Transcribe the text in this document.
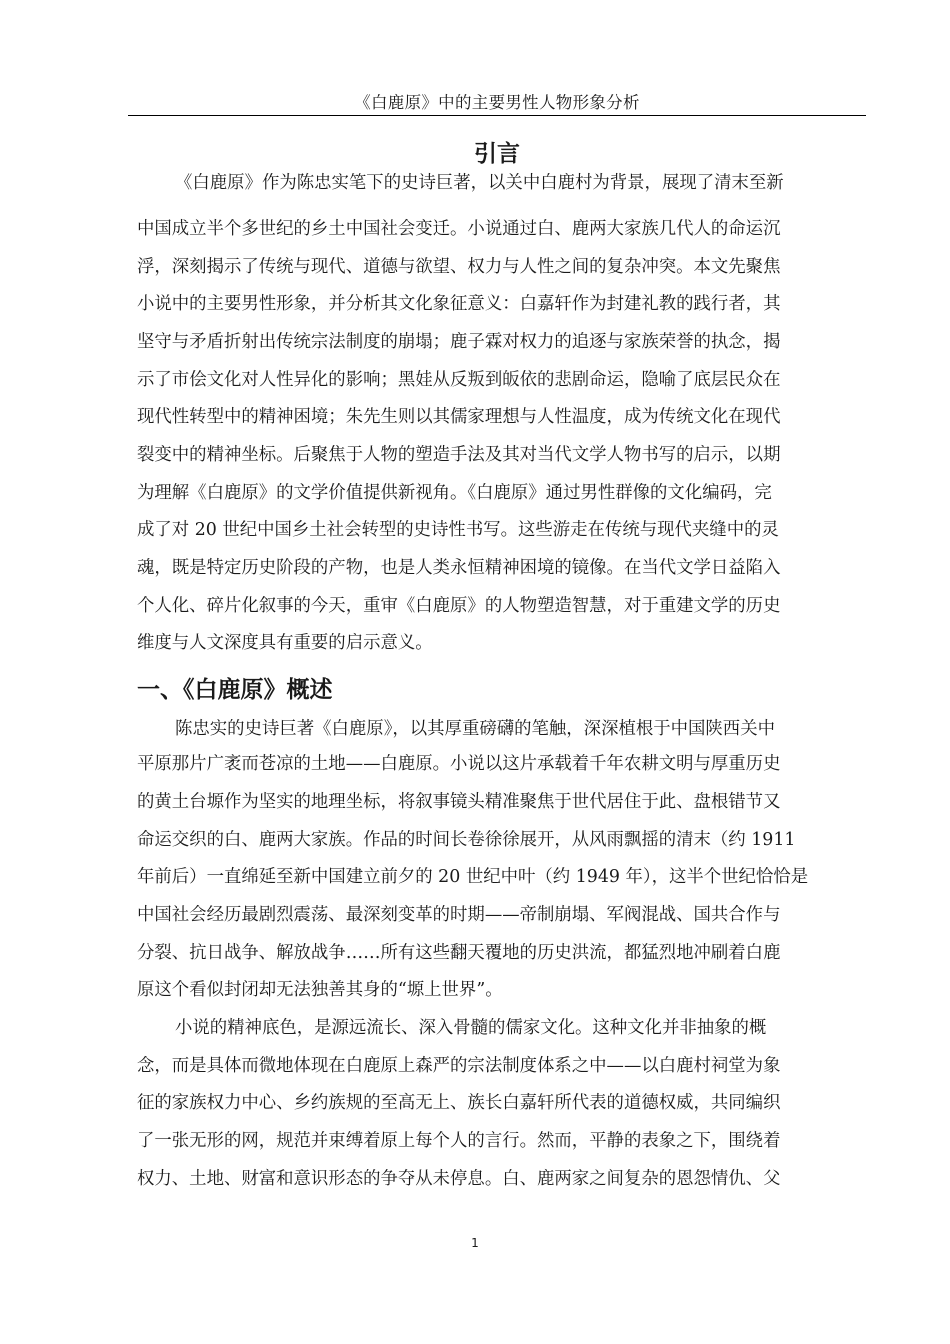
《白鹿原》中的主要男性人物形象分析
引言
《白鹿原》作为陈忠实笔下的史诗巨著，以关中白鹿村为背景，展现了清末至新
中国成立半个多世纪的乡土中国社会变迁。小说通过白、鹿两大家族几代人的命运沉
浮，深刻揭示了传统与现代、道德与欲望、权力与人性之间的复杂冲突。本文先聚焦
小说中的主要男性形象，并分析其文化象征意义：白嘉轩作为封建礼教的践行者，其
坚守与矛盾折射出传统宗法制度的崩塌；鹿子霖对权力的追逐与家族荣誉的执念，揭
示了市侩文化对人性异化的影响；黑娃从反叛到皈依的悲剧命运，隐喻了底层民众在
现代性转型中的精神困境；朱先生则以其儒家理想与人性温度，成为传统文化在现代
裂变中的精神坐标。后聚焦于人物的塑造手法及其对当代文学人物书写的启示，以期
为理解《白鹿原》的文学价值提供新视角。《白鹿原》通过男性群像的文化编码，完
成了对 20 世纪中国乡土社会转型的史诗性书写。这些游走在传统与现代夹缝中的灵
魂，既是特定历史阶段的产物，也是人类永恒精神困境的镜像。在当代文学日益陷入
个人化、碎片化叙事的今天，重审《白鹿原》的人物塑造智慧，对于重建文学的历史
维度与人文深度具有重要的启示意义。
一、《白鹿原》概述
陈忠实的史诗巨著《白鹿原》，以其厚重磅礴的笔触，深深植根于中国陕西关中
平原那片广袤而苍凉的土地——白鹿原。小说以这片承载着千年农耕文明与厚重历史
的黄土台塬作为坚实的地理坐标，将叙事镜头精准聚焦于世代居住于此、盘根错节又
命运交织的白、鹿两大家族。作品的时间长卷徐徐展开，从风雨飘摇的清末（约 1911
年前后）一直绵延至新中国建立前夕的 20 世纪中叶（约 1949 年），这半个世纪恰恰是
中国社会经历最剧烈震荡、最深刻变革的时期——帝制崩塌、军阀混战、国共合作与
分裂、抗日战争、解放战争……所有这些翻天覆地的历史洪流，都猛烈地冲刷着白鹿
原这个看似封闭却无法独善其身的“塬上世界”。
小说的精神底色，是源远流长、深入骨髓的儒家文化。这种文化并非抽象的概
念，而是具体而微地体现在白鹿原上森严的宗法制度体系之中——以白鹿村祠堂为象
征的家族权力中心、乡约族规的至高无上、族长白嘉轩所代表的道德权威，共同编织
了一张无形的网，规范并束缚着原上每个人的言行。然而，平静的表象之下，围绕着
权力、土地、财富和意识形态的争夺从未停息。白、鹿两家之间复杂的恩怨情仇、父
1
